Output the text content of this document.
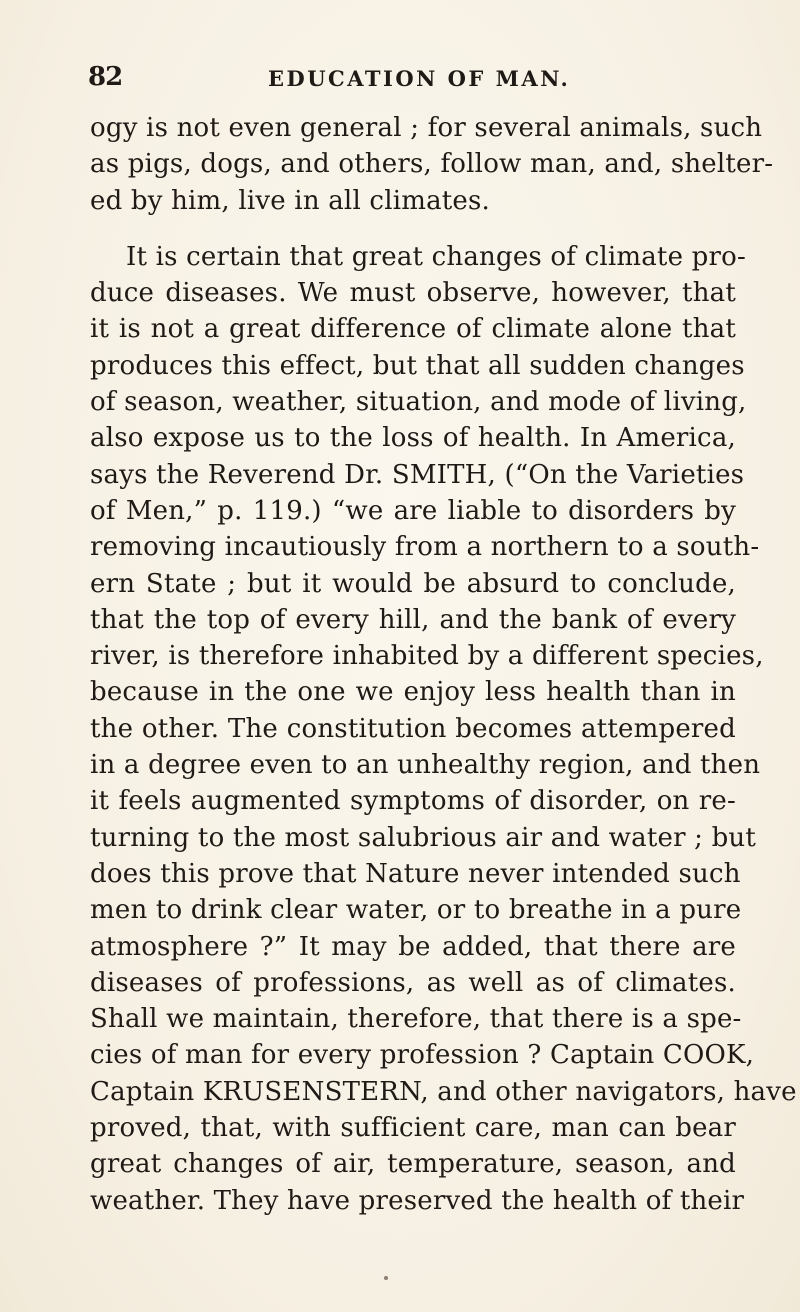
82	EDUCATION OF MAN.
ogy is not even general ; for several animals, such
as pigs, dogs, and others, follow man, and, shelter-
ed by him, live in all climates.
It is certain that great changes of climate pro-
duce diseases. We must observe, however, that
it is not a great difference of climate alone that
produces this effect, but that all sudden changes
of season, weather, situation, and mode of living,
also expose us to the loss of health. In America,
says the Reverend Dr. SMITH, (“On the Varieties
of Men,” p. 119.) “we are liable to disorders by
removing incautiously from a northern to a south-
ern State ; but it would be absurd to conclude,
that the top of every hill, and the bank of every
river, is therefore inhabited by a different species,
because in the one we enjoy less health than in
the other. The constitution becomes attempered
in a degree even to an unhealthy region, and then
it feels augmented symptoms of disorder, on re-
turning to the most salubrious air and water ; but
does this prove that Nature never intended such
men to drink clear water, or to breathe in a pure
atmosphere ?” It may be added, that there are
diseases of professions, as well as of climates.
Shall we maintain, therefore, that there is a spe-
cies of man for every profession ? Captain COOK,
Captain KRUSENSTERN, and other navigators, have
proved, that, with sufficient care, man can bear
great changes of air, temperature, season, and
weather. They have preserved the health of their
